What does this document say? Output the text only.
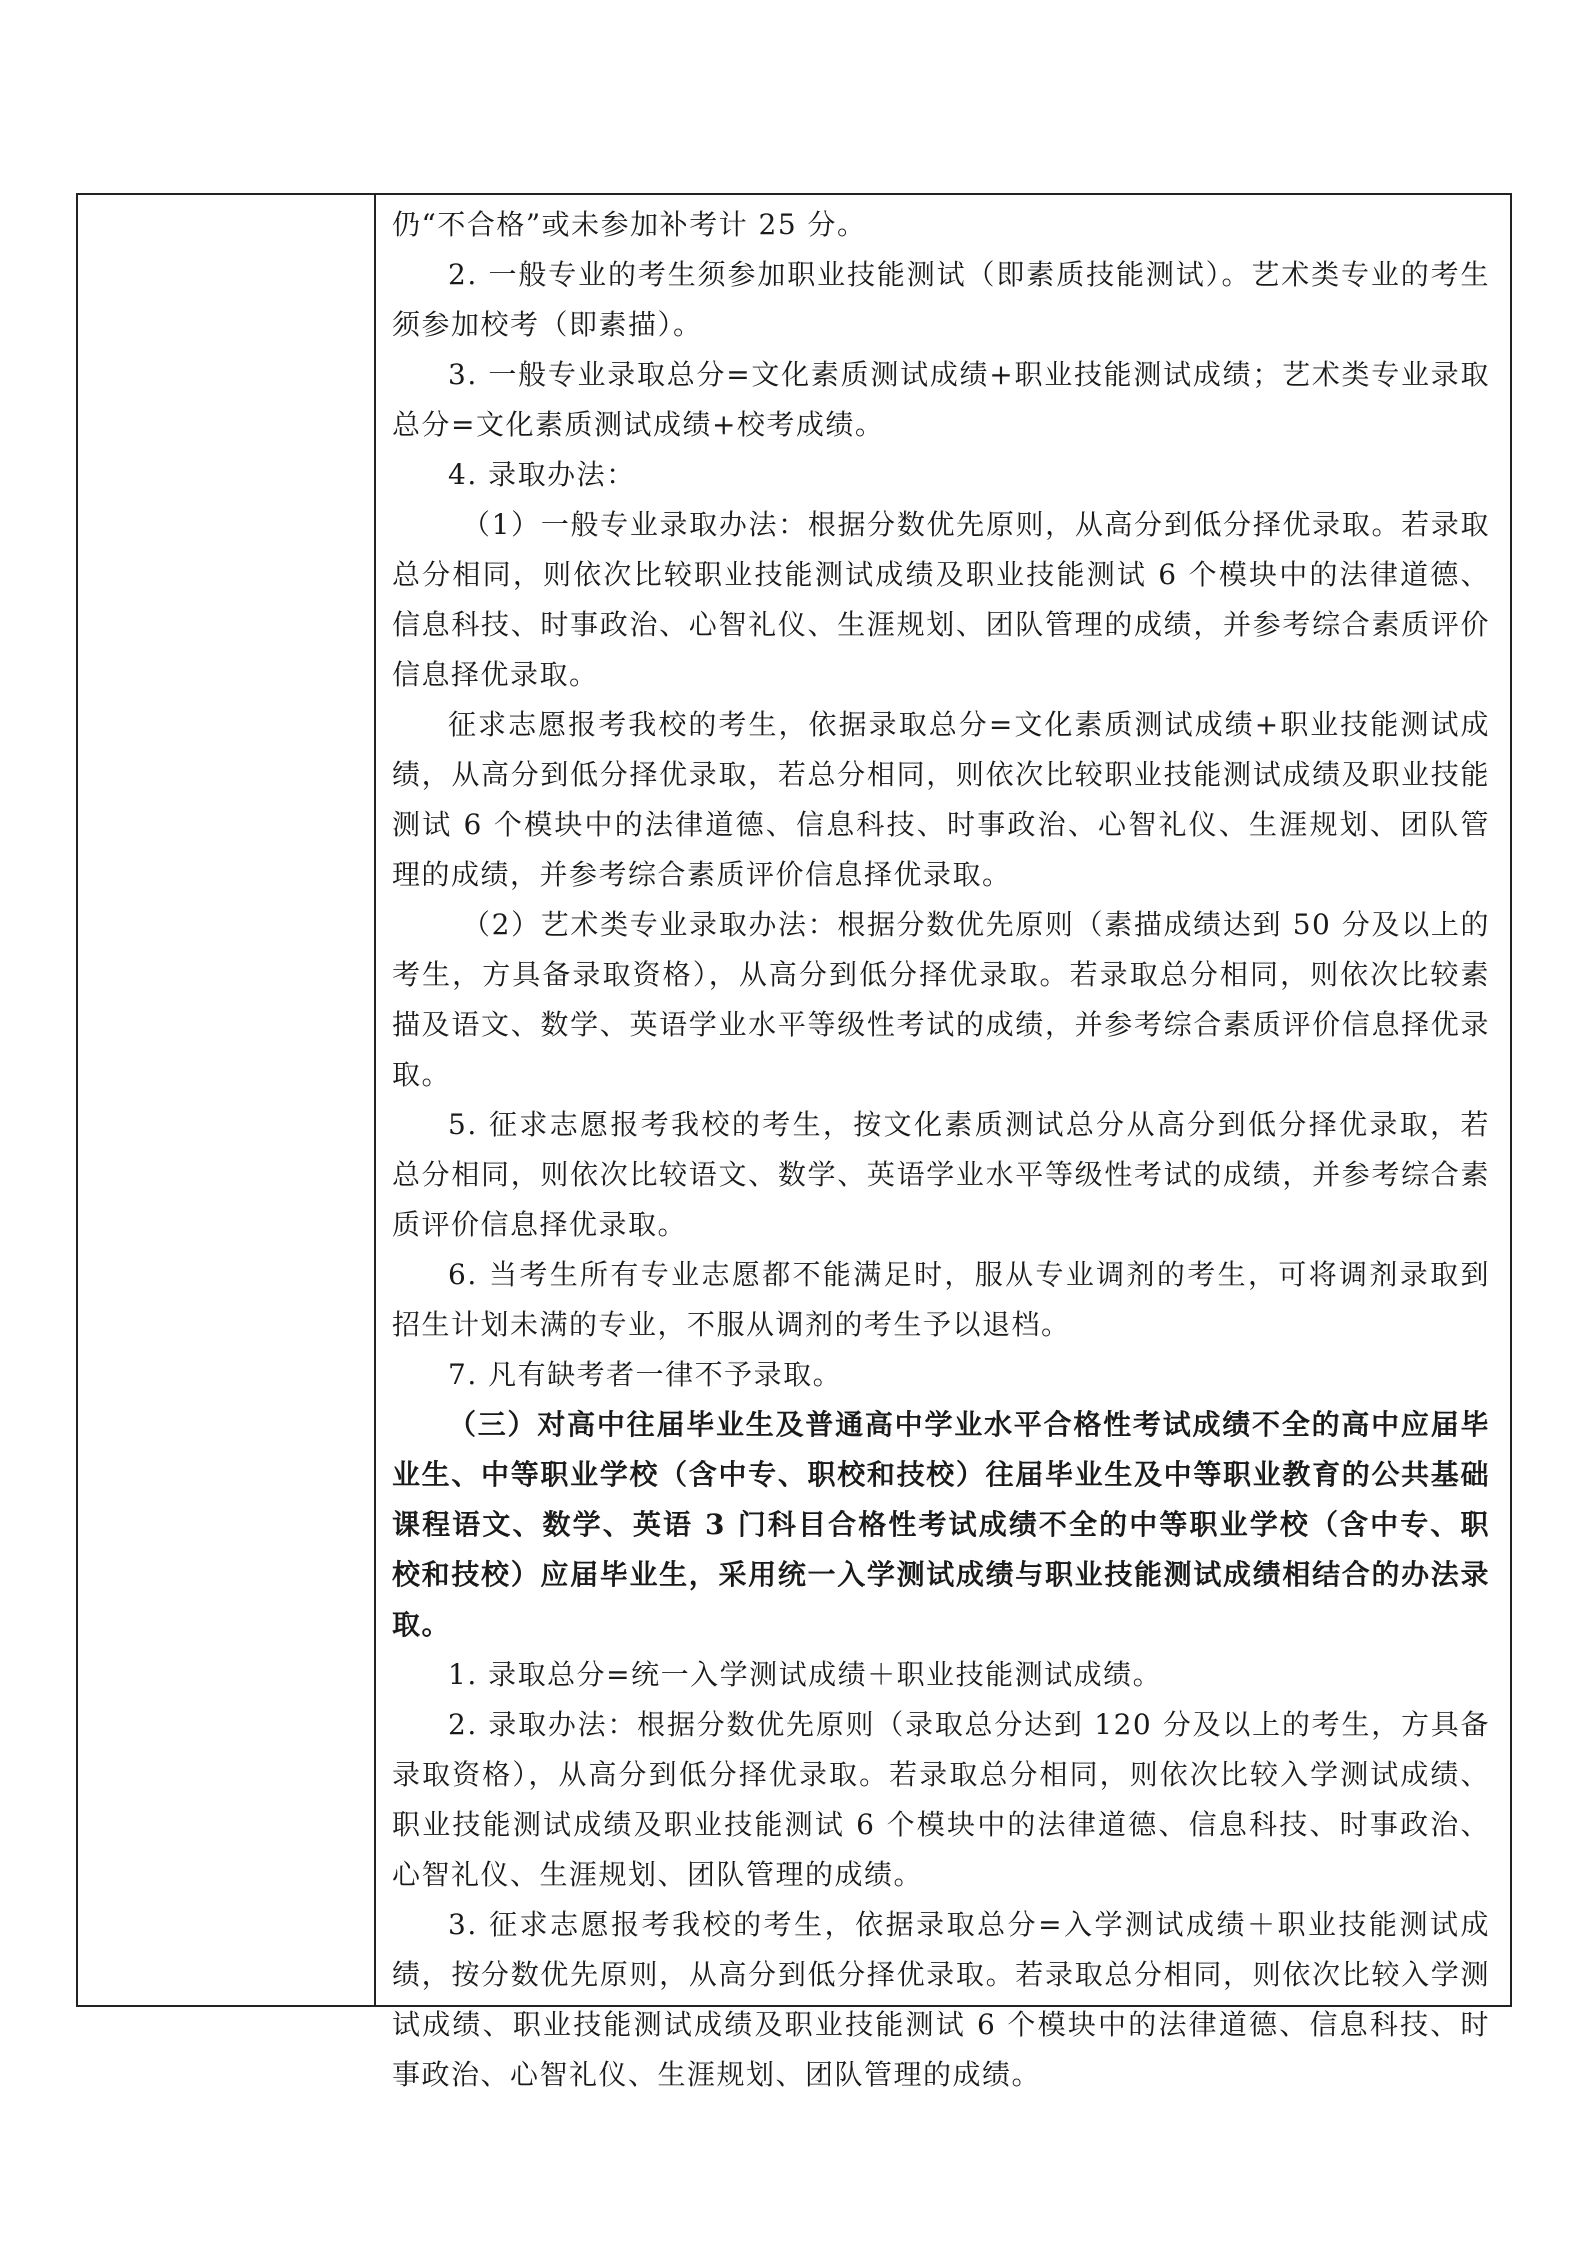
仍“不合格”或未参加补考计 25 分。

2. 一般专业的考生须参加职业技能测试（即素质技能测试）。艺术类专业的考生须参加校考（即素描）。

3. 一般专业录取总分=文化素质测试成绩+职业技能测试成绩；艺术类专业录取总分=文化素质测试成绩+校考成绩。

4. 录取办法：

（1）一般专业录取办法：根据分数优先原则，从高分到低分择优录取。若录取总分相同，则依次比较职业技能测试成绩及职业技能测试 6 个模块中的法律道德、信息科技、时事政治、心智礼仪、生涯规划、团队管理的成绩，并参考综合素质评价信息择优录取。

征求志愿报考我校的考生，依据录取总分=文化素质测试成绩+职业技能测试成绩，从高分到低分择优录取，若总分相同，则依次比较职业技能测试成绩及职业技能测试 6 个模块中的法律道德、信息科技、时事政治、心智礼仪、生涯规划、团队管理的成绩，并参考综合素质评价信息择优录取。

（2）艺术类专业录取办法：根据分数优先原则（素描成绩达到 50 分及以上的考生，方具备录取资格），从高分到低分择优录取。若录取总分相同，则依次比较素描及语文、数学、英语学业水平等级性考试的成绩，并参考综合素质评价信息择优录取。

5. 征求志愿报考我校的考生，按文化素质测试总分从高分到低分择优录取，若总分相同，则依次比较语文、数学、英语学业水平等级性考试的成绩，并参考综合素质评价信息择优录取。

6. 当考生所有专业志愿都不能满足时，服从专业调剂的考生，可将调剂录取到招生计划未满的专业，不服从调剂的考生予以退档。

7. 凡有缺考者一律不予录取。

（三）对高中往届毕业生及普通高中学业水平合格性考试成绩不全的高中应届毕业生、中等职业学校（含中专、职校和技校）往届毕业生及中等职业教育的公共基础课程语文、数学、英语 3 门科目合格性考试成绩不全的中等职业学校（含中专、职校和技校）应届毕业生，采用统一入学测试成绩与职业技能测试成绩相结合的办法录取。

1. 录取总分=统一入学测试成绩＋职业技能测试成绩。

2. 录取办法：根据分数优先原则（录取总分达到 120 分及以上的考生，方具备录取资格），从高分到低分择优录取。若录取总分相同，则依次比较入学测试成绩、职业技能测试成绩及职业技能测试 6 个模块中的法律道德、信息科技、时事政治、心智礼仪、生涯规划、团队管理的成绩。

3. 征求志愿报考我校的考生，依据录取总分=入学测试成绩＋职业技能测试成绩，按分数优先原则，从高分到低分择优录取。若录取总分相同，则依次比较入学测试成绩、职业技能测试成绩及职业技能测试 6 个模块中的法律道德、信息科技、时事政治、心智礼仪、生涯规划、团队管理的成绩。
